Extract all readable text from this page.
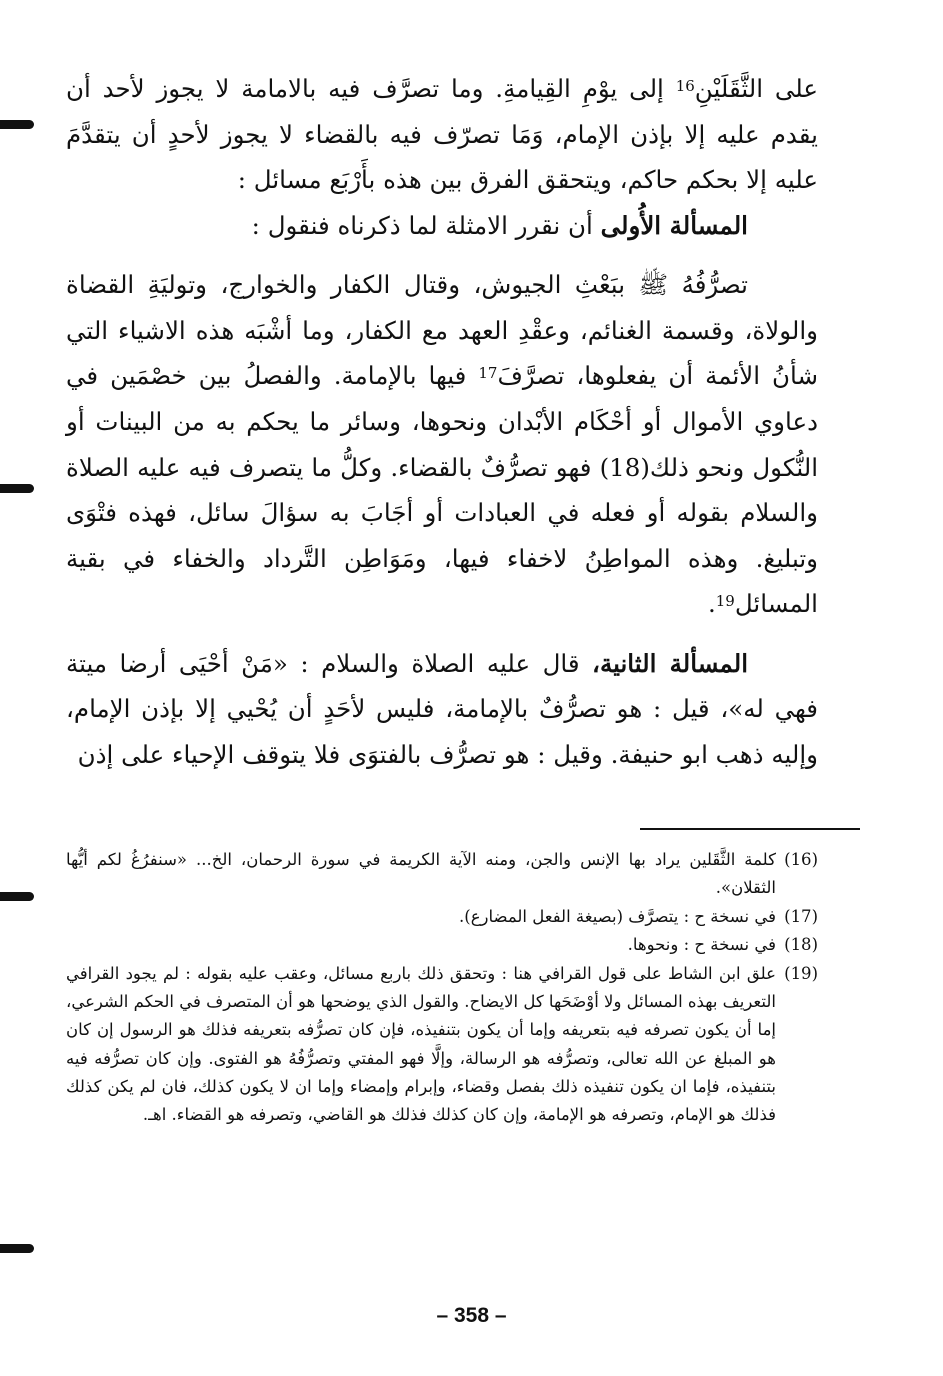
على الثَّقَلَيْنِ$^{16}$ إلى يوْمِ القِيامةِ. وما تصرَّف فيه بالامامة لا يجوز لأحد أن يقدم عليه إلا بإذن الإمام، وَمَا تصرّف فيه بالقضاء لا يجوز لأحدٍ أن يتقدَّمَ عليه إلا بحكم حاكم، ويتحقق الفرق بين هذه بأَرْبَع مسائل :

المسألة الأُولى أن نقرر الامثلة لما ذكرناه فنقول :

تصرُّفُهُ ﷺ ببَعْثِ الجيوش، وقتال الكفار والخوارج، وتوليَةِ القضاة والولاة، وقسمة الغنائم، وعقْدِ العهد مع الكفار، وما أشْبَه هذه الاشياء التي شأنُ الأئمة أن يفعلوها، تصرَّفَ$^{17}$ فيها بالإمامة. والفصلُ بين خصْمَين في دعاوي الأموال أو أحْكَام الأبْدان ونحوها، وسائر ما يحكم به من البينات أو النُّكول ونحو ذلك(18) فهو تصرُّفٌ بالقضاء. وكلُّ ما يتصرف فيه عليه الصلاة والسلام بقوله أو فعله في العبادات أو أجَابَ به سؤالَ سائل، فهذه فتْوَى وتبليغ. وهذه المواطِنُ لاخفاء فيها، ومَوَاطِن التَّرداد والخفاء في بقية المسائل$^{19}$.

المسألة الثانية، قال عليه الصلاة والسلام : «مَنْ أحْيَى أرضا ميتة فهي له»، قيل : هو تصرُّفٌ بالإمامة، فليس لأحَدٍ أن يُحْيي إلا بإذن الإمام، وإليه ذهب ابو حنيفة. وقيل : هو تصرُّف بالفتوَى فلا يتوقف الإحياء على إذن

(16)
كلمة الثَّقَلين يراد بها الإنس والجن، ومنه الآية الكريمة في سورة الرحمان، الخ... «سنفرُغُ لكم أيُّها الثقلان».

(17)
في نسخة ح : يتصرَّف (بصيغة الفعل المضارع).

(18)
في نسخة ح : ونحوها.

(19)
علق ابن الشاط على قول القرافي هنا : وتحقق ذلك باربع مسائل، وعقب عليه بقوله : لم يجود القرافي التعريف بهذه المسائل ولا أوْضَحَها كل الايضاح. والقول الذي يوضحها هو أن المتصرف في الحكم الشرعي، إما أن يكون تصرفه فيه بتعريفه وإما أن يكون بتنفيذه، فإن كان تصرُّفه بتعريفه فذلك هو الرسول إن كان هو المبلغ عن الله تعالى، وتصرُّفه هو الرسالة، وإلَّا فهو المفتي وتصرُّفُهُ هو الفتوى. وإن كان تصرُّفه فيه بتنفيذه، فإما ان يكون تنفيذه ذلك بفصل وقضاء، وإبرام وإمضاء وإما ان لا يكون كذلك، فان لم يكن كذلك فذلك هو الإمام، وتصرفه هو الإمامة، وإن كان كذلك فذلك هو القاضي، وتصرفه هو القضاء. اهـ.

– 358 –
